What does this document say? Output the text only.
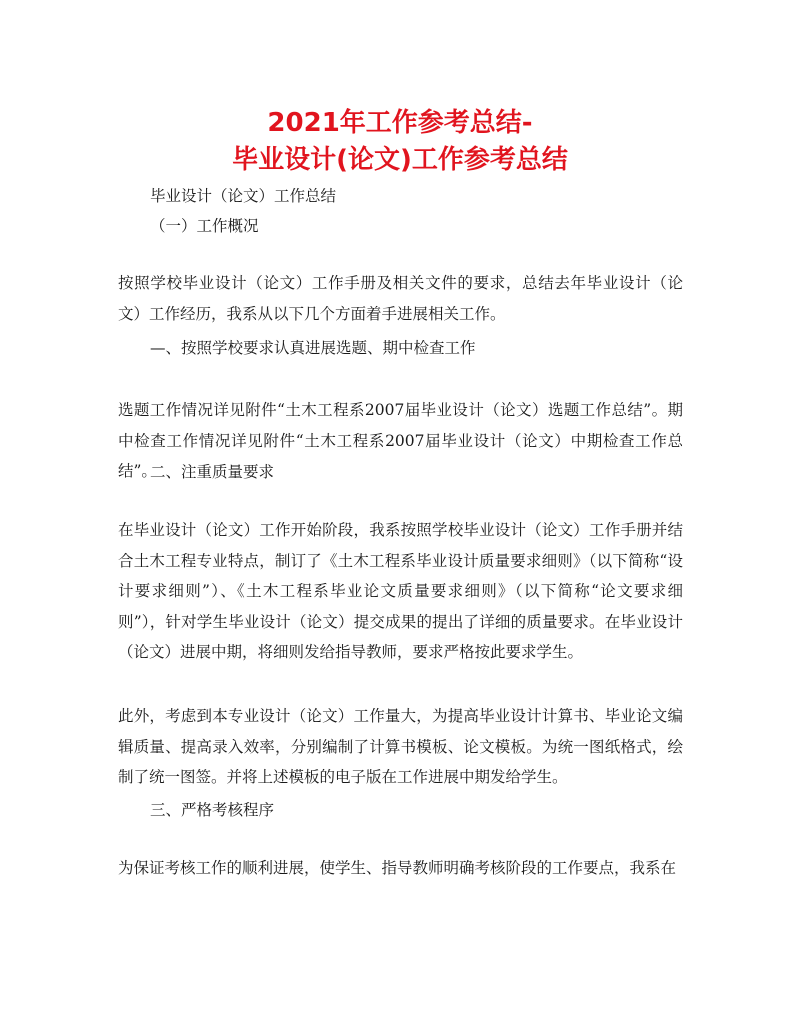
2021年工作参考总结-
毕业设计(论文)工作参考总结
毕业设计（论文）工作总结
（一）工作概况
按照学校毕业设计（论文）工作手册及相关文件的要求，总结去年毕业设计（论文）工作经历，我系从以下几个方面着手进展相关工作。
—、按照学校要求认真进展选题、期中检查工作
选题工作情况详见附件“土木工程系2007届毕业设计（论文）选题工作总结”。期中检查工作情况详见附件“土木工程系2007届毕业设计（论文）中期检查工作总结”。
二、注重质量要求
在毕业设计（论文）工作开始阶段，我系按照学校毕业设计（论文）工作手册并结合土木工程专业特点，制订了《土木工程系毕业设计质量要求细则》（以下简称“设计要求细则”）、《土木工程系毕业论文质量要求细则》（以下简称“论文要求细则”），针对学生毕业设计（论文）提交成果的提出了详细的质量要求。在毕业设计（论文）进展中期，将细则发给指导教师，要求严格按此要求学生。
此外，考虑到本专业设计（论文）工作量大，为提高毕业设计计算书、毕业论文编辑质量、提高录入效率，分别编制了计算书模板、论文模板。为统一图纸格式，绘制了统一图签。并将上述模板的电子版在工作进展中期发给学生。
三、严格考核程序
为保证考核工作的顺利进展，使学生、指导教师明确考核阶段的工作要点，我系在
